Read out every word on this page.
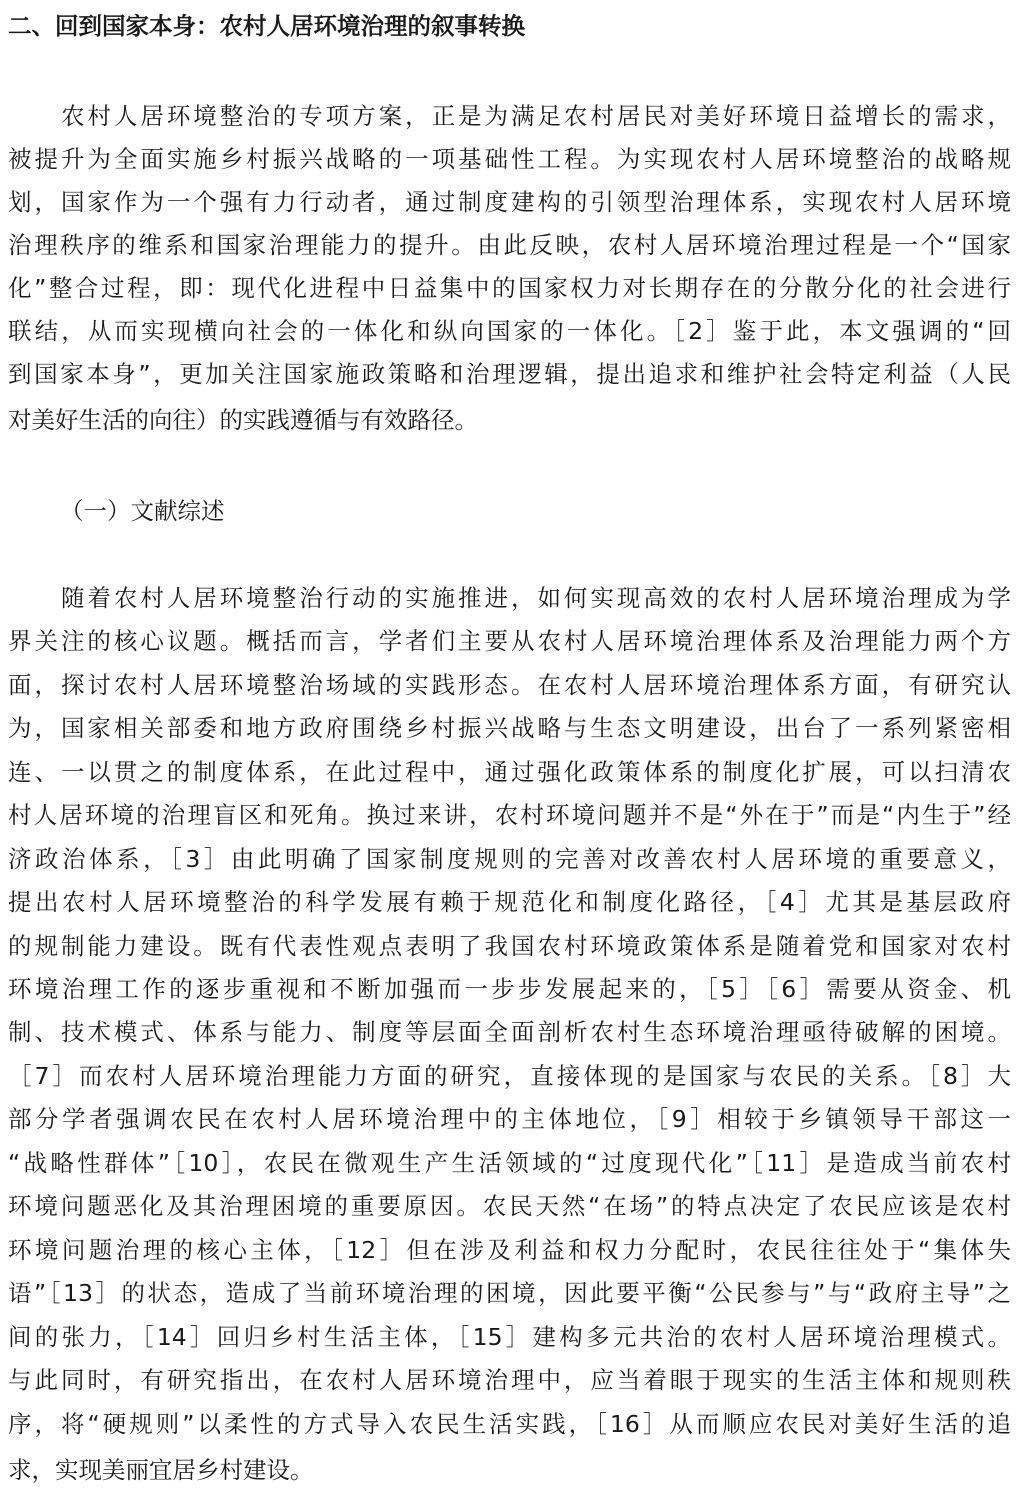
二、回到国家本身：农村人居环境治理的叙事转换
　　农村人居环境整治的专项方案，正是为满足农村居民对美好环境日益增长的需求，
被提升为全面实施乡村振兴战略的一项基础性工程。为实现农村人居环境整治的战略规
划，国家作为一个强有力行动者，通过制度建构的引领型治理体系，实现农村人居环境
治理秩序的维系和国家治理能力的提升。由此反映，农村人居环境治理过程是一个“国家
化”整合过程，即：现代化进程中日益集中的国家权力对长期存在的分散分化的社会进行
联结，从而实现横向社会的一体化和纵向国家的一体化。［2］鉴于此，本文强调的“回
到国家本身”，更加关注国家施政策略和治理逻辑，提出追求和维护社会特定利益（人民
对美好生活的向往）的实践遵循与有效路径。
（一）文献综述
　　随着农村人居环境整治行动的实施推进，如何实现高效的农村人居环境治理成为学
界关注的核心议题。概括而言，学者们主要从农村人居环境治理体系及治理能力两个方
面，探讨农村人居环境整治场域的实践形态。在农村人居环境治理体系方面，有研究认
为，国家相关部委和地方政府围绕乡村振兴战略与生态文明建设，出台了一系列紧密相
连、一以贯之的制度体系，在此过程中，通过强化政策体系的制度化扩展，可以扫清农
村人居环境的治理盲区和死角。换过来讲，农村环境问题并不是“外在于”而是“内生于”经
济政治体系，［3］由此明确了国家制度规则的完善对改善农村人居环境的重要意义，
提出农村人居环境整治的科学发展有赖于规范化和制度化路径，［4］尤其是基层政府
的规制能力建设。既有代表性观点表明了我国农村环境政策体系是随着党和国家对农村
环境治理工作的逐步重视和不断加强而一步步发展起来的，［5］［6］需要从资金、机
制、技术模式、体系与能力、制度等层面全面剖析农村生态环境治理亟待破解的困境。
［7］而农村人居环境治理能力方面的研究，直接体现的是国家与农民的关系。［8］大
部分学者强调农民在农村人居环境治理中的主体地位，［9］相较于乡镇领导干部这一
“战略性群体”［10］，农民在微观生产生活领域的“过度现代化”［11］是造成当前农村
环境问题恶化及其治理困境的重要原因。农民天然“在场”的特点决定了农民应该是农村
环境问题治理的核心主体，［12］但在涉及利益和权力分配时，农民往往处于“集体失
语”［13］的状态，造成了当前环境治理的困境，因此要平衡“公民参与”与“政府主导”之
间的张力，［14］回归乡村生活主体，［15］建构多元共治的农村人居环境治理模式。
与此同时，有研究指出，在农村人居环境治理中，应当着眼于现实的生活主体和规则秩
序，将“硬规则”以柔性的方式导入农民生活实践，［16］从而顺应农民对美好生活的追
求，实现美丽宜居乡村建设。
